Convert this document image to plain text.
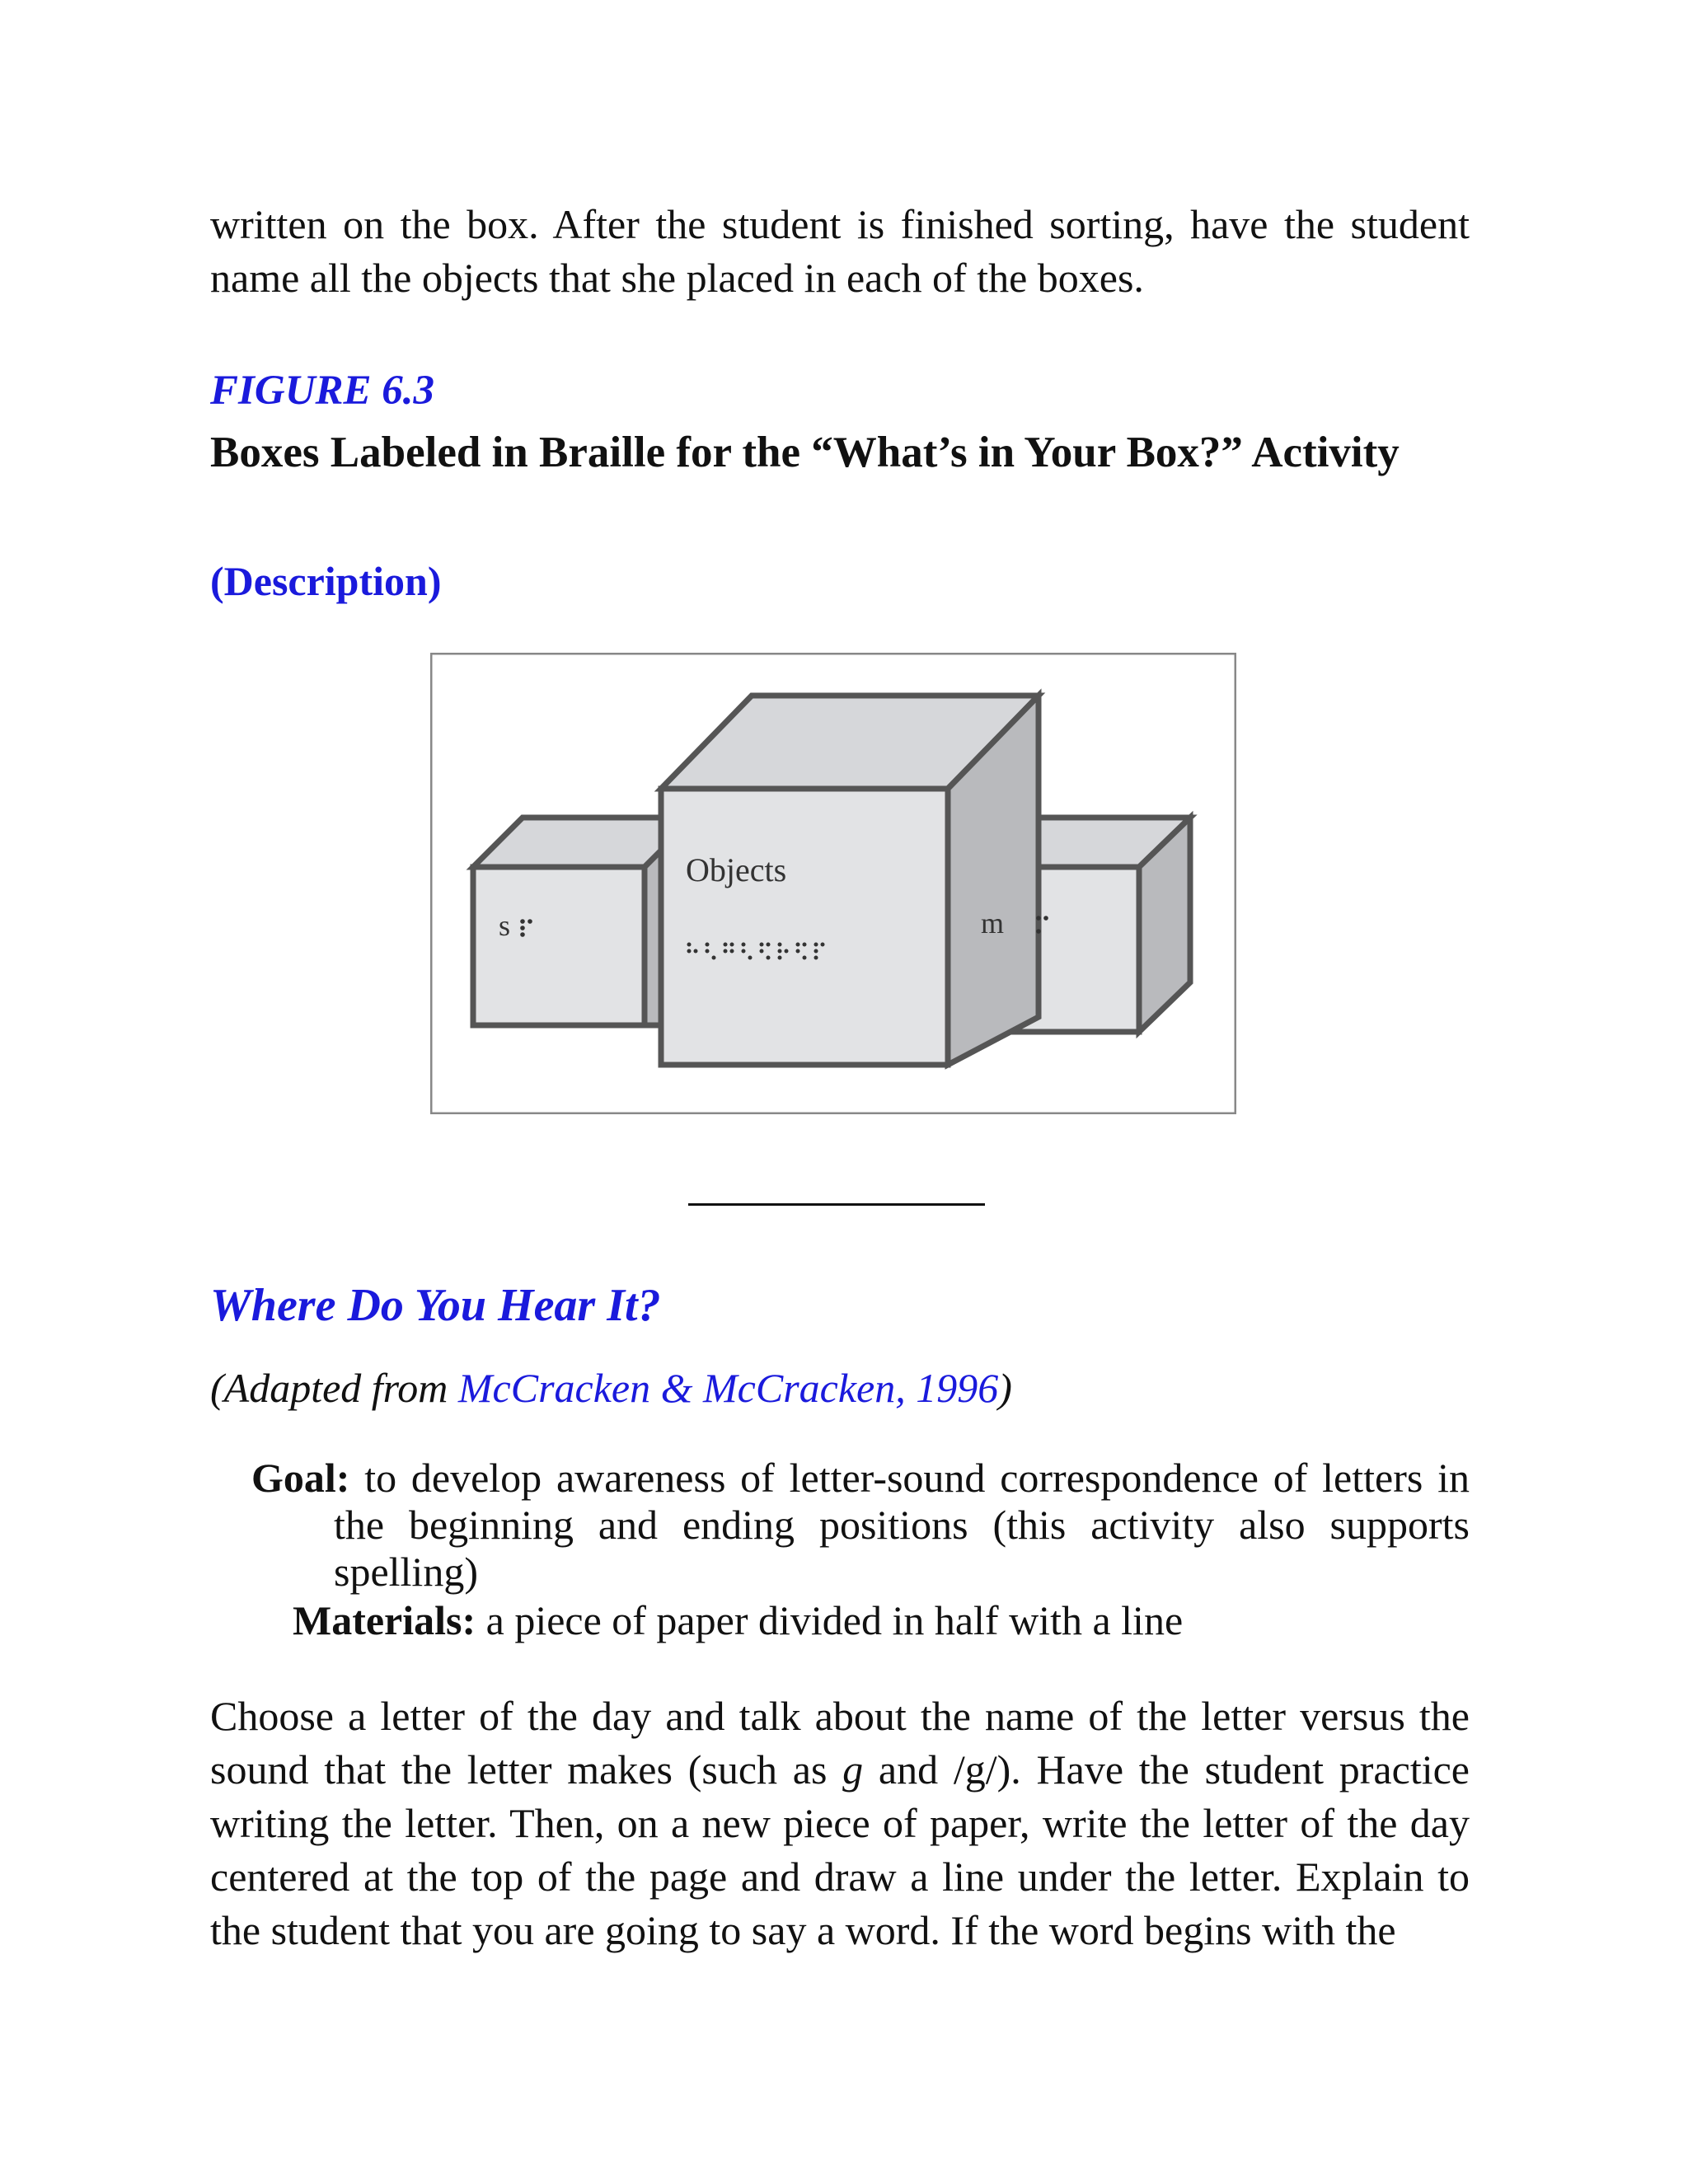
written on the box. After the student is finished sorting, have the student name all the objects that she placed in each of the boxes.
FIGURE 6.3
Boxes Labeled in Braille for the “What’s in Your Box?” Activity
(Description)
s
Objects
m
Where Do You Hear It?
(Adapted from McCracken & McCracken, 1996)
Goal: to develop awareness of letter-sound correspondence of letters in the beginning and ending positions (this activity also supports spelling)
Materials: a piece of paper divided in half with a line
Choose a letter of the day and talk about the name of the letter versus the sound that the letter makes (such as g and /g/). Have the student practice writing the letter. Then, on a new piece of paper, write the letter of the day centered at the top of the page and draw a line under the letter. Explain to the student that you are going to say a word. If the word begins with the
